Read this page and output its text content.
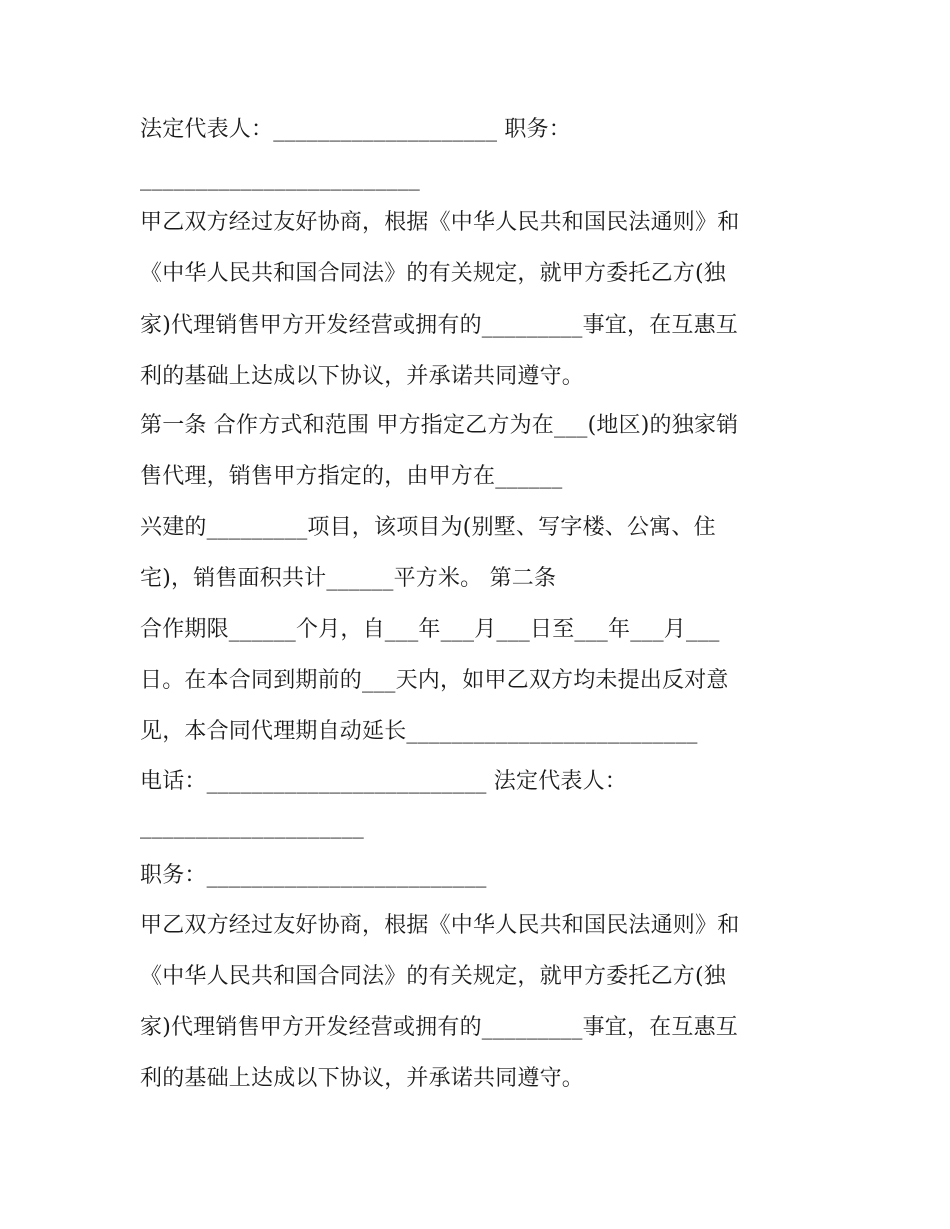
法定代表人：____________________ 职务：
_________________________
甲乙双方经过友好协商，根据《中华人民共和国民法通则》和
《中华人民共和国合同法》的有关规定，就甲方委托乙方(独
家)代理销售甲方开发经营或拥有的_________事宜，在互惠互
利的基础上达成以下协议，并承诺共同遵守。
第一条 合作方式和范围 甲方指定乙方为在___(地区)的独家销
售代理，销售甲方指定的，由甲方在______
兴建的_________项目，该项目为(别墅、写字楼、公寓、住
宅)，销售面积共计______平方米。 第二条
合作期限______个月，自___年___月___日至___年___月___
日。在本合同到期前的___天内，如甲乙双方均未提出反对意
见，本合同代理期自动延长__________________________
电话：_________________________ 法定代表人：
____________________
职务：_________________________
甲乙双方经过友好协商，根据《中华人民共和国民法通则》和
《中华人民共和国合同法》的有关规定，就甲方委托乙方(独
家)代理销售甲方开发经营或拥有的_________事宜，在互惠互
利的基础上达成以下协议，并承诺共同遵守。
